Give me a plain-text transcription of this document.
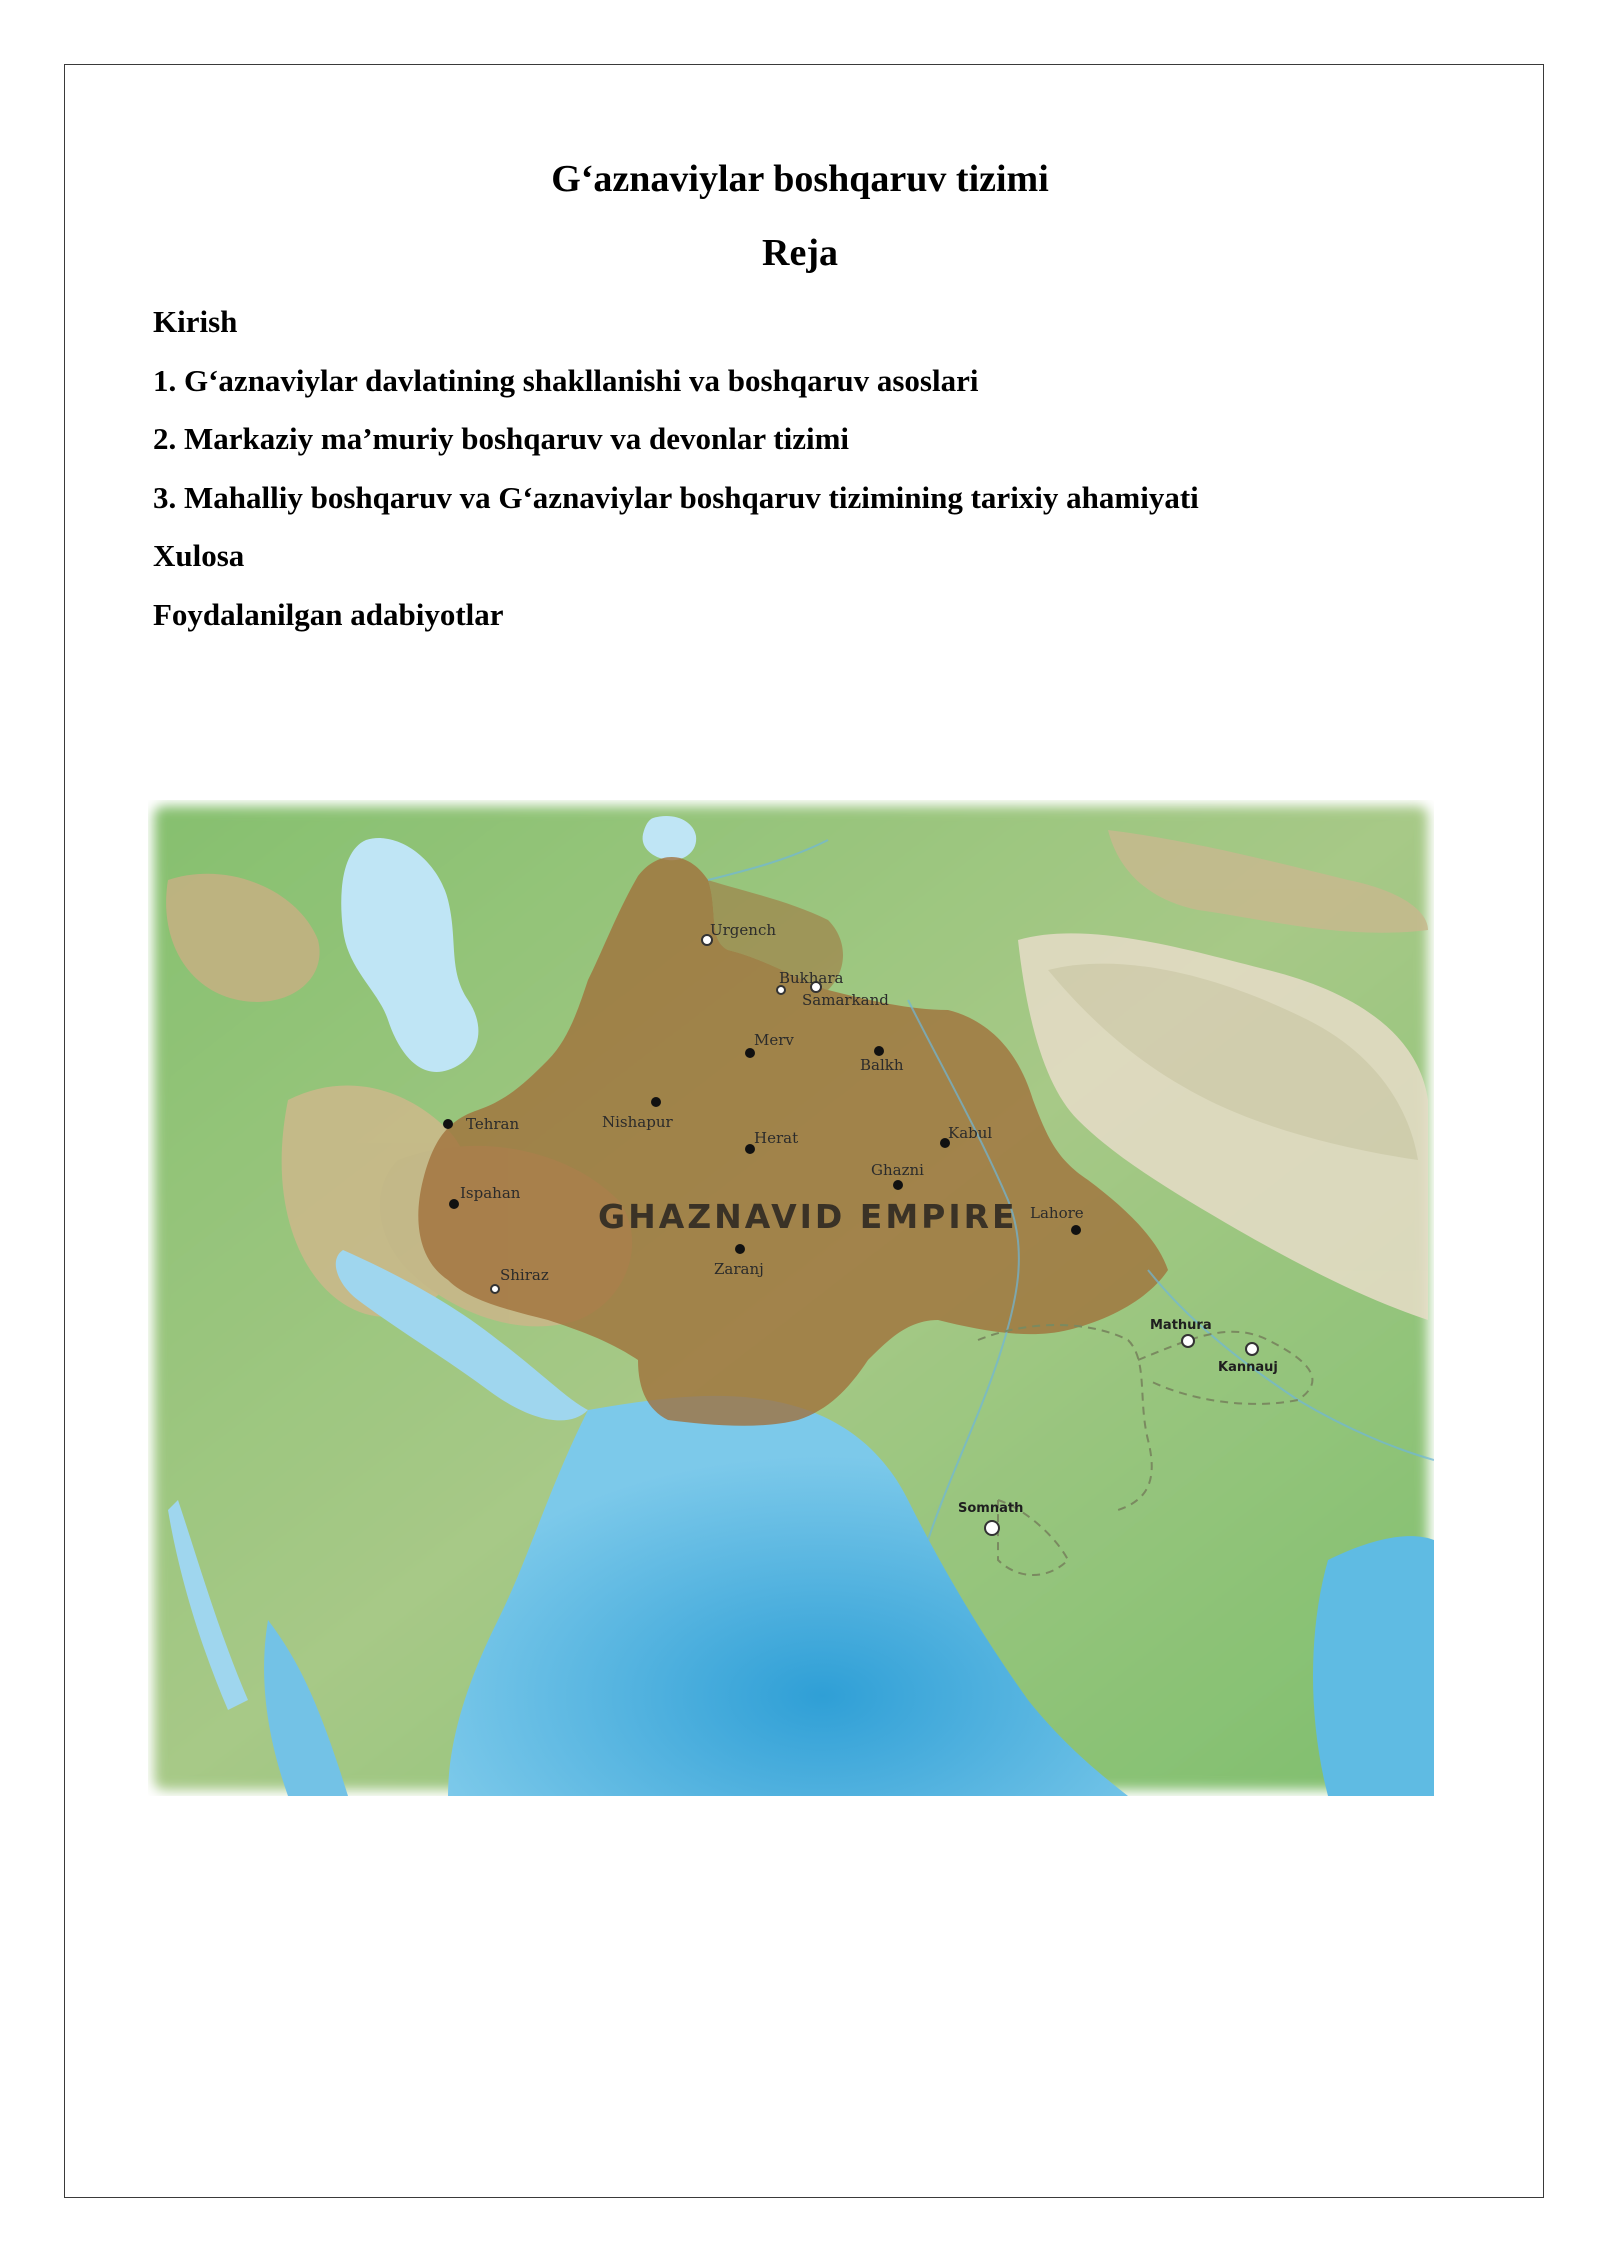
G‘aznaviylar boshqaruv tizimi
Reja
Kirish
1. G‘aznaviylar davlatining shakllanishi va boshqaruv asoslari
2. Markaziy ma’muriy boshqaruv va devonlar tizimi
3. Mahalliy boshqaruv va G‘aznaviylar boshqaruv tizimining tarixiy ahamiyati
Xulosa
Foydalanilgan adabiyotlar
GHAZNAVID EMPIRE
Urgench
Bukhara
Samarkand
Merv
Balkh
Tehran	Nishapur
Herat	Kabul
Ghazni
Ispahan
Lahore
Zaranj
Shiraz
Mathura
Kannauj
Somnath
